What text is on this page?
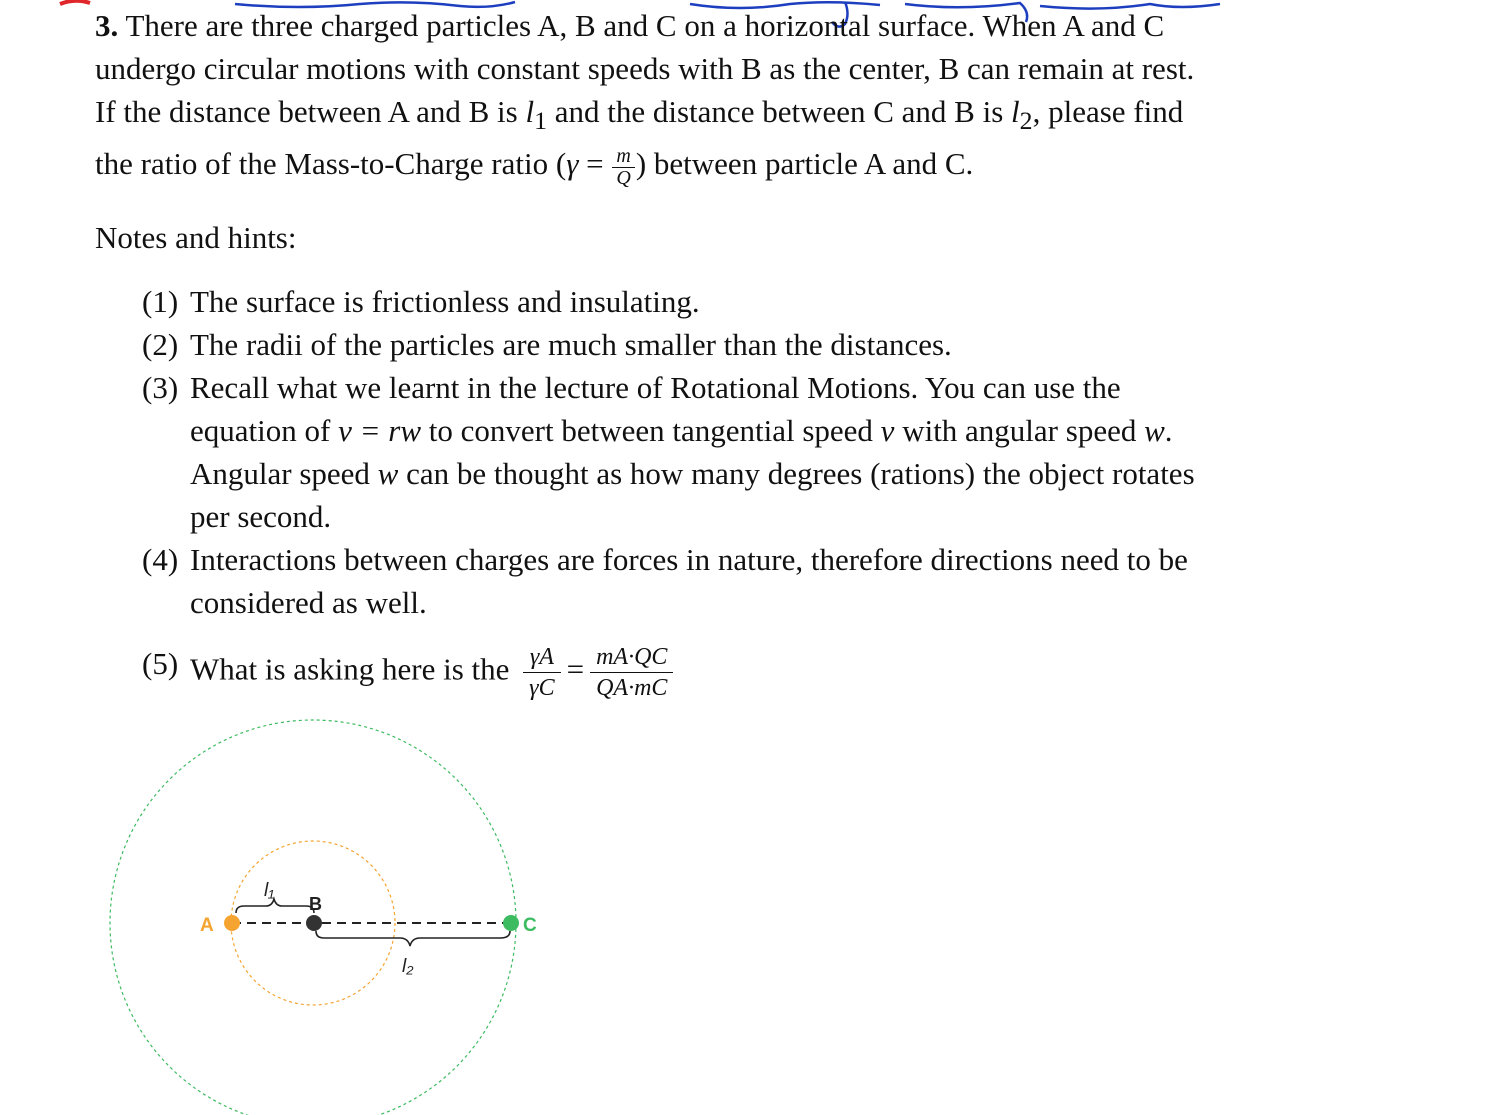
3. There are three charged particles A, B and C on a horizontal surface. When A and C

undergo circular motions with constant speeds with B as the center, B can remain at rest.

If the distance between A and B is $l_1$ and the distance between C and B is $l_2$, please find

the ratio of the Mass-to-Charge ratio ($\gamma = \frac{m}{Q}$ ) between particle A and C.

Notes and hints:

(1) The surface is frictionless and insulating.

(2) The radii of the particles are much smaller than the distances.

(3) Recall what we learnt in the lecture of Rotational Motions. You can use the
equation of v = rw to convert between tangential speed v with angular speed w.
Angular speed w can be thought as how many degrees (rations) the object rotates
per second.
(4) Interactions between charges are forces in nature, therefore directions need to be
considered as well.
(5) What is asking here is the $\frac{\gamma A}{\gamma C} = \frac{mA\cdot QC}{QA\cdot mC}$
A
B
C
l₁
l₂
